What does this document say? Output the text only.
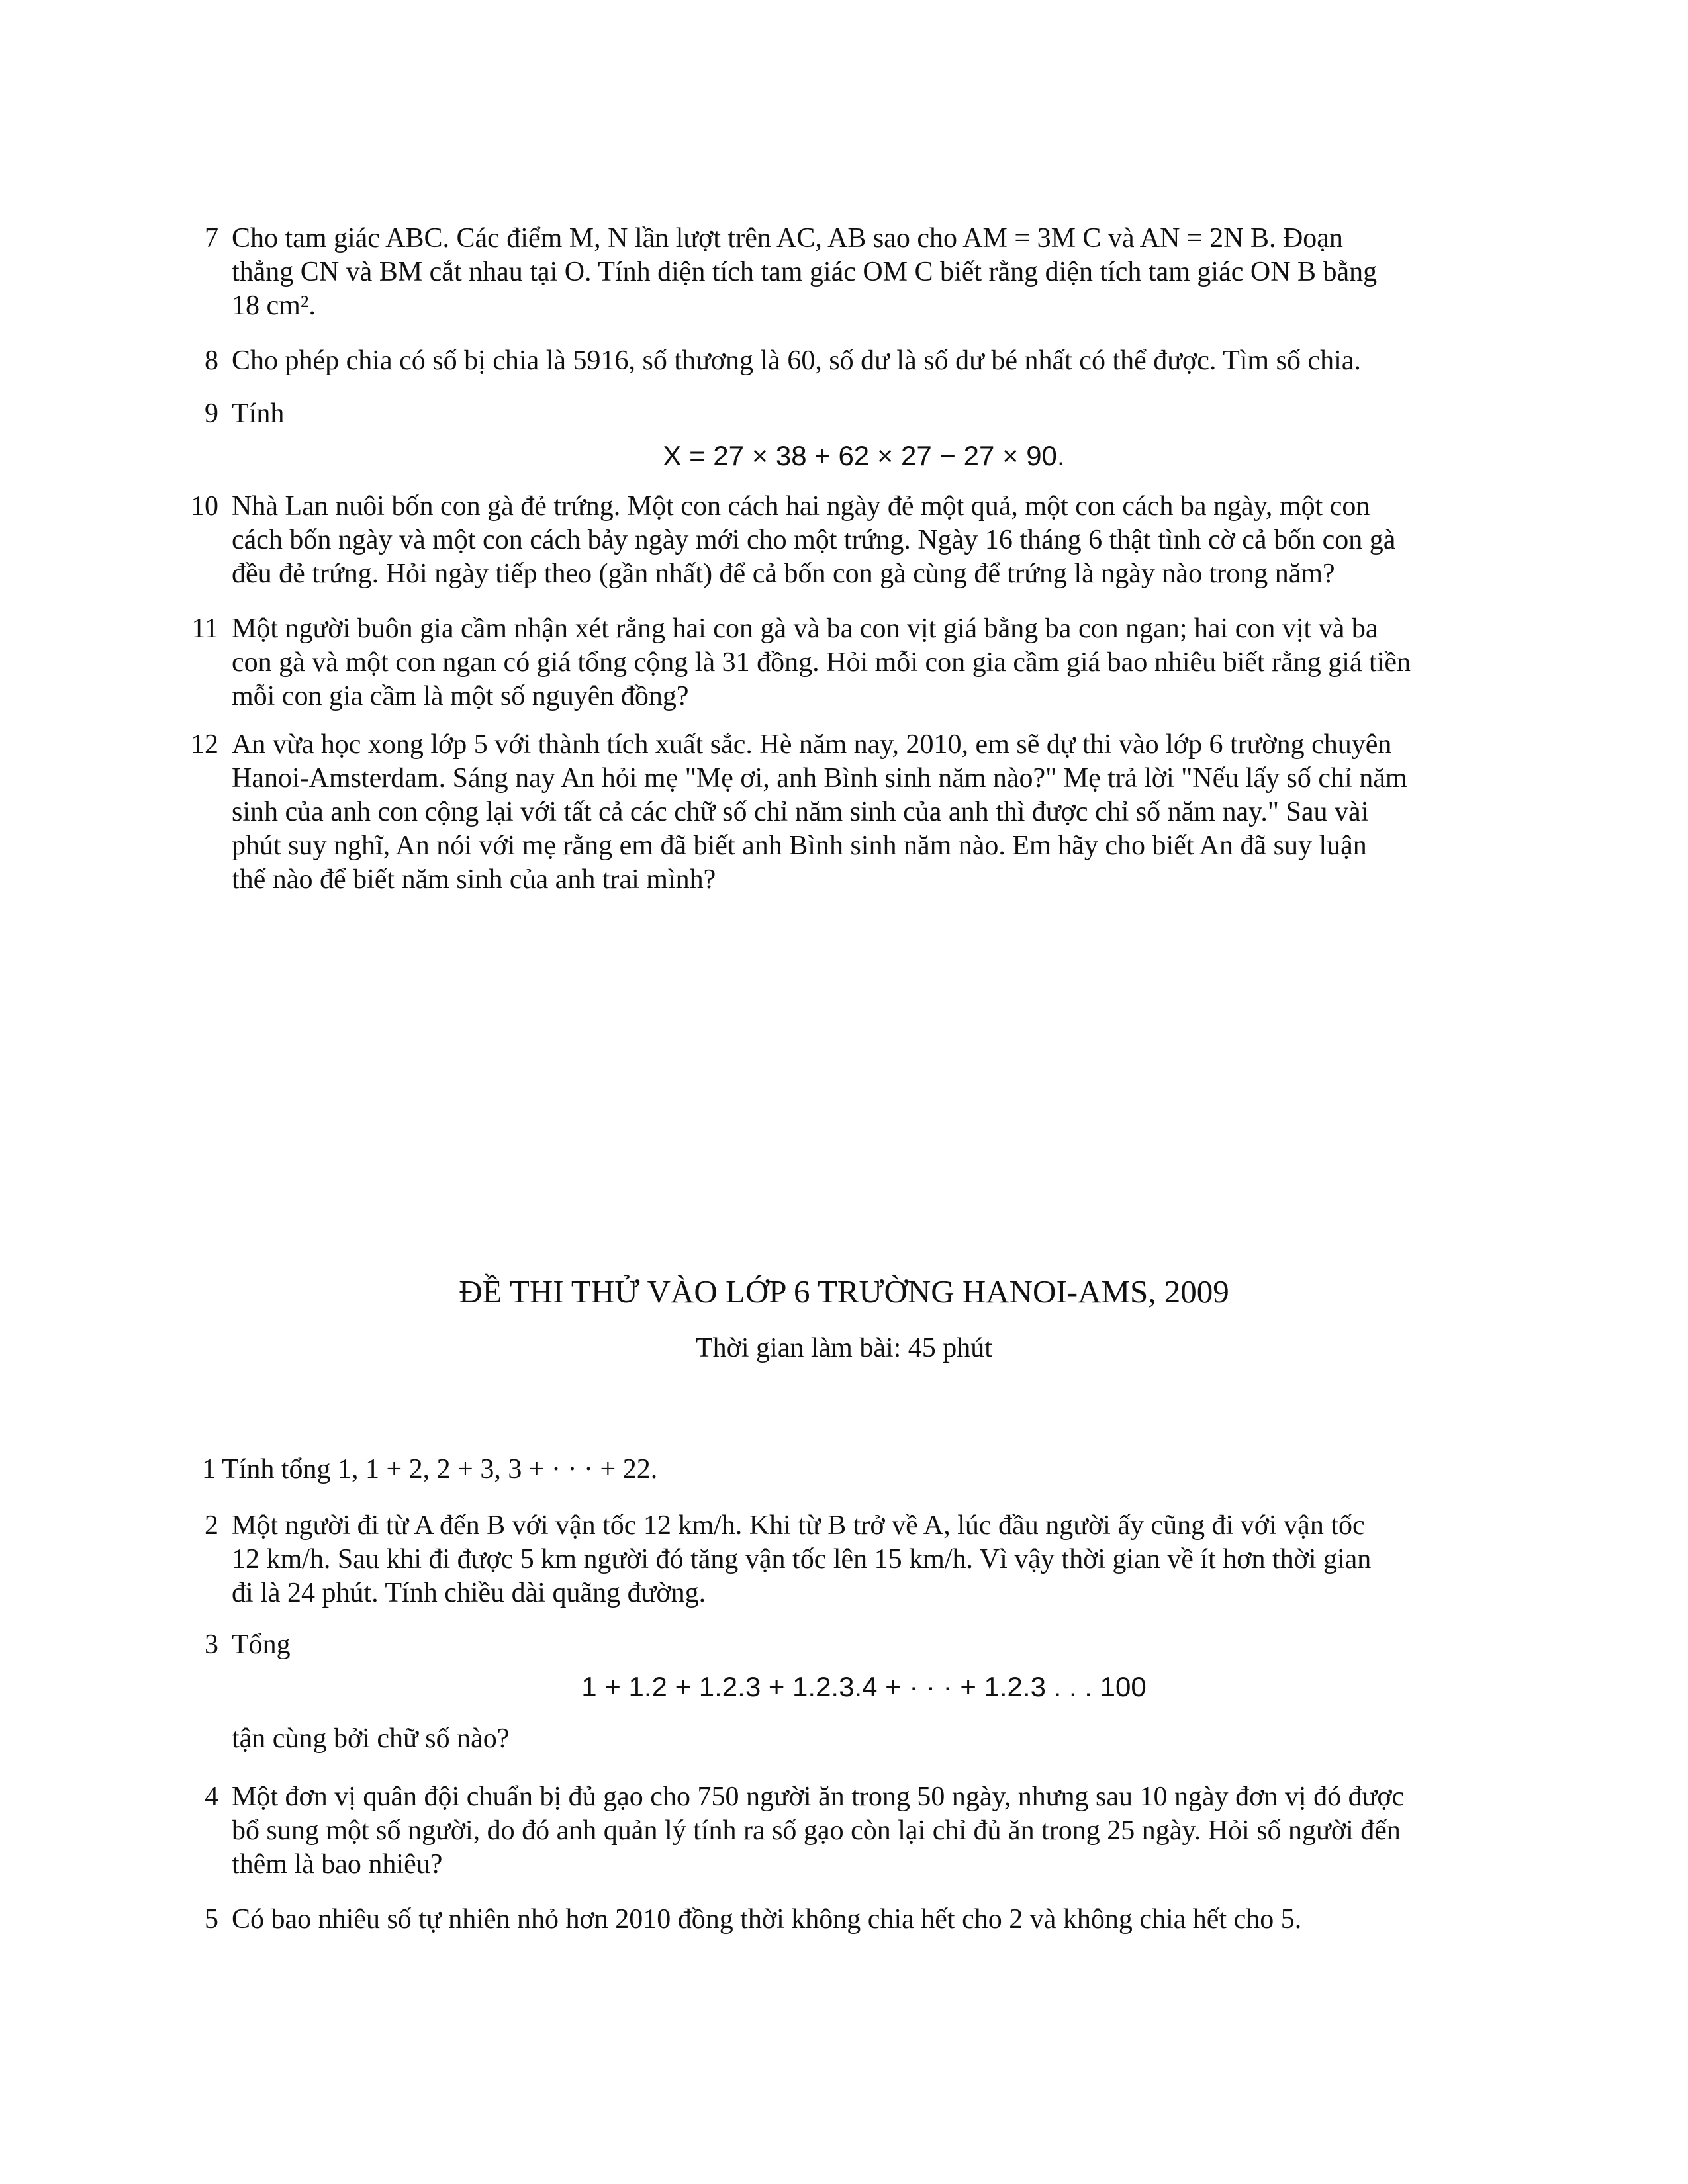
7 Cho tam giác ABC. Các điểm M, N lần lượt trên AC, AB sao cho AM = 3M C và AN = 2N B. Đoạn
thẳng CN và BM cắt nhau tại O. Tính diện tích tam giác OM C biết rằng diện tích tam giác ON B bằng
18 cm².
8 Cho phép chia có số bị chia là 5916, số thương là 60, số dư là số dư bé nhất có thể được. Tìm số chia.
9 Tính
X = 27 × 38 + 62 × 27 − 27 × 90.
10 Nhà Lan nuôi bốn con gà đẻ trứng. Một con cách hai ngày đẻ một quả, một con cách ba ngày, một con
cách bốn ngày và một con cách bảy ngày mới cho một trứng. Ngày 16 tháng 6 thật tình cờ cả bốn con gà
đều đẻ trứng. Hỏi ngày tiếp theo (gần nhất) để cả bốn con gà cùng để trứng là ngày nào trong năm?
11 Một người buôn gia cầm nhận xét rằng hai con gà và ba con vịt giá bằng ba con ngan; hai con vịt và ba
con gà và một con ngan có giá tổng cộng là 31 đồng. Hỏi mỗi con gia cầm giá bao nhiêu biết rằng giá tiền
mỗi con gia cầm là một số nguyên đồng?
12 An vừa học xong lớp 5 với thành tích xuất sắc. Hè năm nay, 2010, em sẽ dự thi vào lớp 6 trường chuyên
Hanoi-Amsterdam. Sáng nay An hỏi mẹ "Mẹ ơi, anh Bình sinh năm nào?" Mẹ trả lời "Nếu lấy số chỉ năm
sinh của anh con cộng lại với tất cả các chữ số chỉ năm sinh của anh thì được chỉ số năm nay." Sau vài
phút suy nghĩ, An nói với mẹ rằng em đã biết anh Bình sinh năm nào. Em hãy cho biết An đã suy luận
thế nào để biết năm sinh của anh trai mình?
ĐỀ THI THỬ VÀO LỚP 6 TRƯỜNG HANOI-AMS, 2009
Thời gian làm bài: 45 phút
1 Tính tổng 1, 1 + 2, 2 + 3, 3 + · · · + 22.
2 Một người đi từ A đến B với vận tốc 12 km/h. Khi từ B trở về A, lúc đầu người ấy cũng đi với vận tốc
12 km/h. Sau khi đi được 5 km người đó tăng vận tốc lên 15 km/h. Vì vậy thời gian về ít hơn thời gian
đi là 24 phút. Tính chiều dài quãng đường.
3 Tổng
1 + 1.2 + 1.2.3 + 1.2.3.4 + · · · + 1.2.3 . . . 100
tận cùng bởi chữ số nào?
4 Một đơn vị quân đội chuẩn bị đủ gạo cho 750 người ăn trong 50 ngày, nhưng sau 10 ngày đơn vị đó được
bổ sung một số người, do đó anh quản lý tính ra số gạo còn lại chỉ đủ ăn trong 25 ngày. Hỏi số người đến
thêm là bao nhiêu?
5 Có bao nhiêu số tự nhiên nhỏ hơn 2010 đồng thời không chia hết cho 2 và không chia hết cho 5.
